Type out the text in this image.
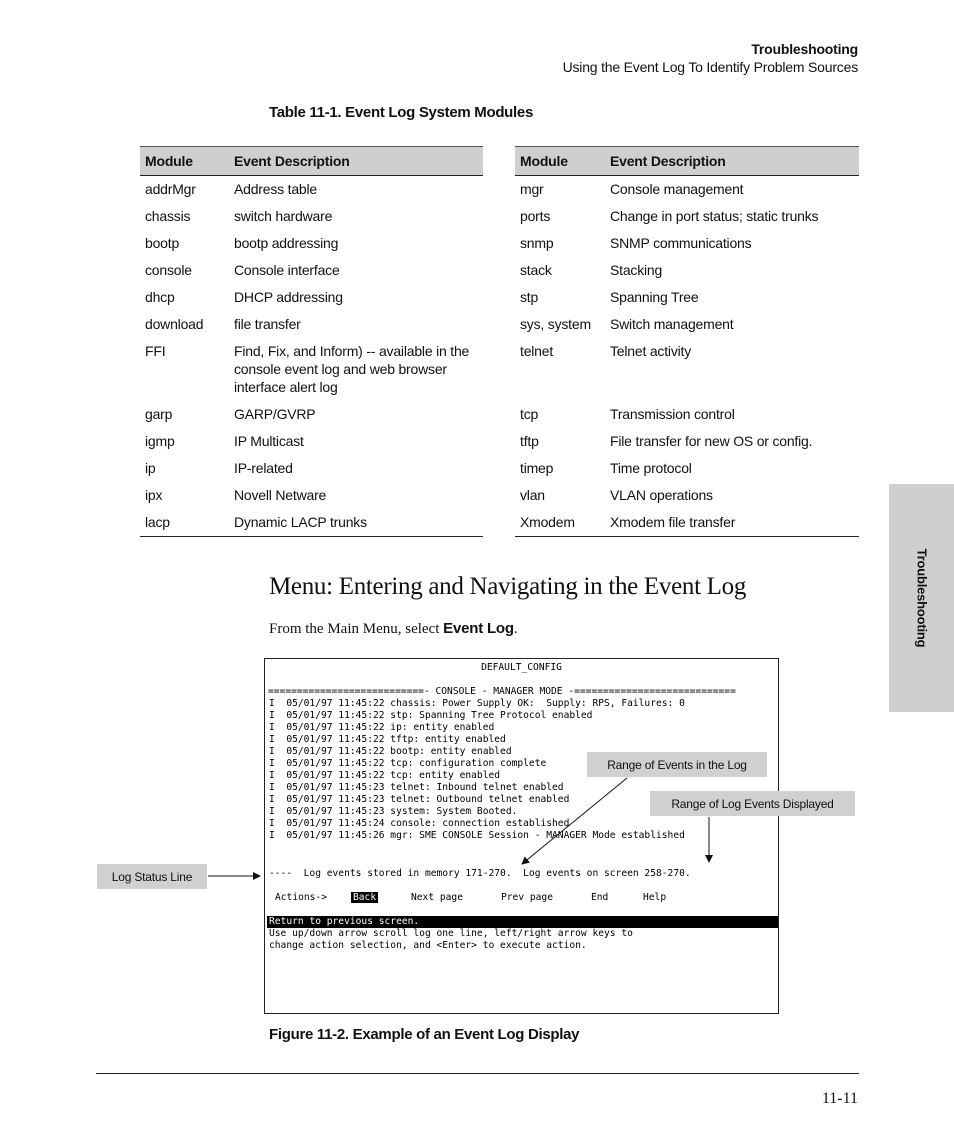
Troubleshooting
Using the Event Log To Identify Problem Sources
Table 11-1. Event Log System Modules
Module	Event Description
addrMgr	Address table
chassis	switch hardware
bootp	bootp addressing
console	Console interface
dhcp	DHCP addressing
download	file transfer
FFI	Find, Fix, and Inform) -- available in the console event log and web browser interface alert log
garp	GARP/GVRP
igmp	IP Multicast
ip	IP-related
ipx	Novell Netware
lacp	Dynamic LACP trunks
Module	Event Description
mgr	Console management
ports	Change in port status; static trunks
snmp	SNMP communications
stack	Stacking
stp	Spanning Tree
sys, system	Switch management
telnet	Telnet activity
tcp	Transmission control
tftp	File transfer for new OS or config.
timep	Time protocol
vlan	VLAN operations
Xmodem	Xmodem file transfer
Menu: Entering and Navigating in the Event Log
From the Main Menu, select Event Log.
DEFAULT_CONFIG
===========================- CONSOLE - MANAGER MODE -============================
I  05/01/97 11:45:22 chassis: Power Supply OK:  Supply: RPS, Failures: 0
I  05/01/97 11:45:22 stp: Spanning Tree Protocol enabled
I  05/01/97 11:45:22 ip: entity enabled
I  05/01/97 11:45:22 tftp: entity enabled
I  05/01/97 11:45:22 bootp: entity enabled
I  05/01/97 11:45:22 tcp: configuration complete
I  05/01/97 11:45:22 tcp: entity enabled
I  05/01/97 11:45:23 telnet: Inbound telnet enabled
I  05/01/97 11:45:23 telnet: Outbound telnet enabled
I  05/01/97 11:45:23 system: System Booted.
I  05/01/97 11:45:24 console: connection established
I  05/01/97 11:45:26 mgr: SME CONSOLE Session - MANAGER Mode established
----  Log events stored in memory 171-270.  Log events on screen 258-270.
Actions->	Back	Next page	Prev page	End	Help
Return to previous screen.
Use up/down arrow scroll log one line, left/right arrow keys to
change action selection, and <Enter> to execute action.
Range of Events in the Log
Range of Log Events Displayed
Log Status Line
Figure 11-2. Example of an Event Log Display
11-11
Troubleshooting
